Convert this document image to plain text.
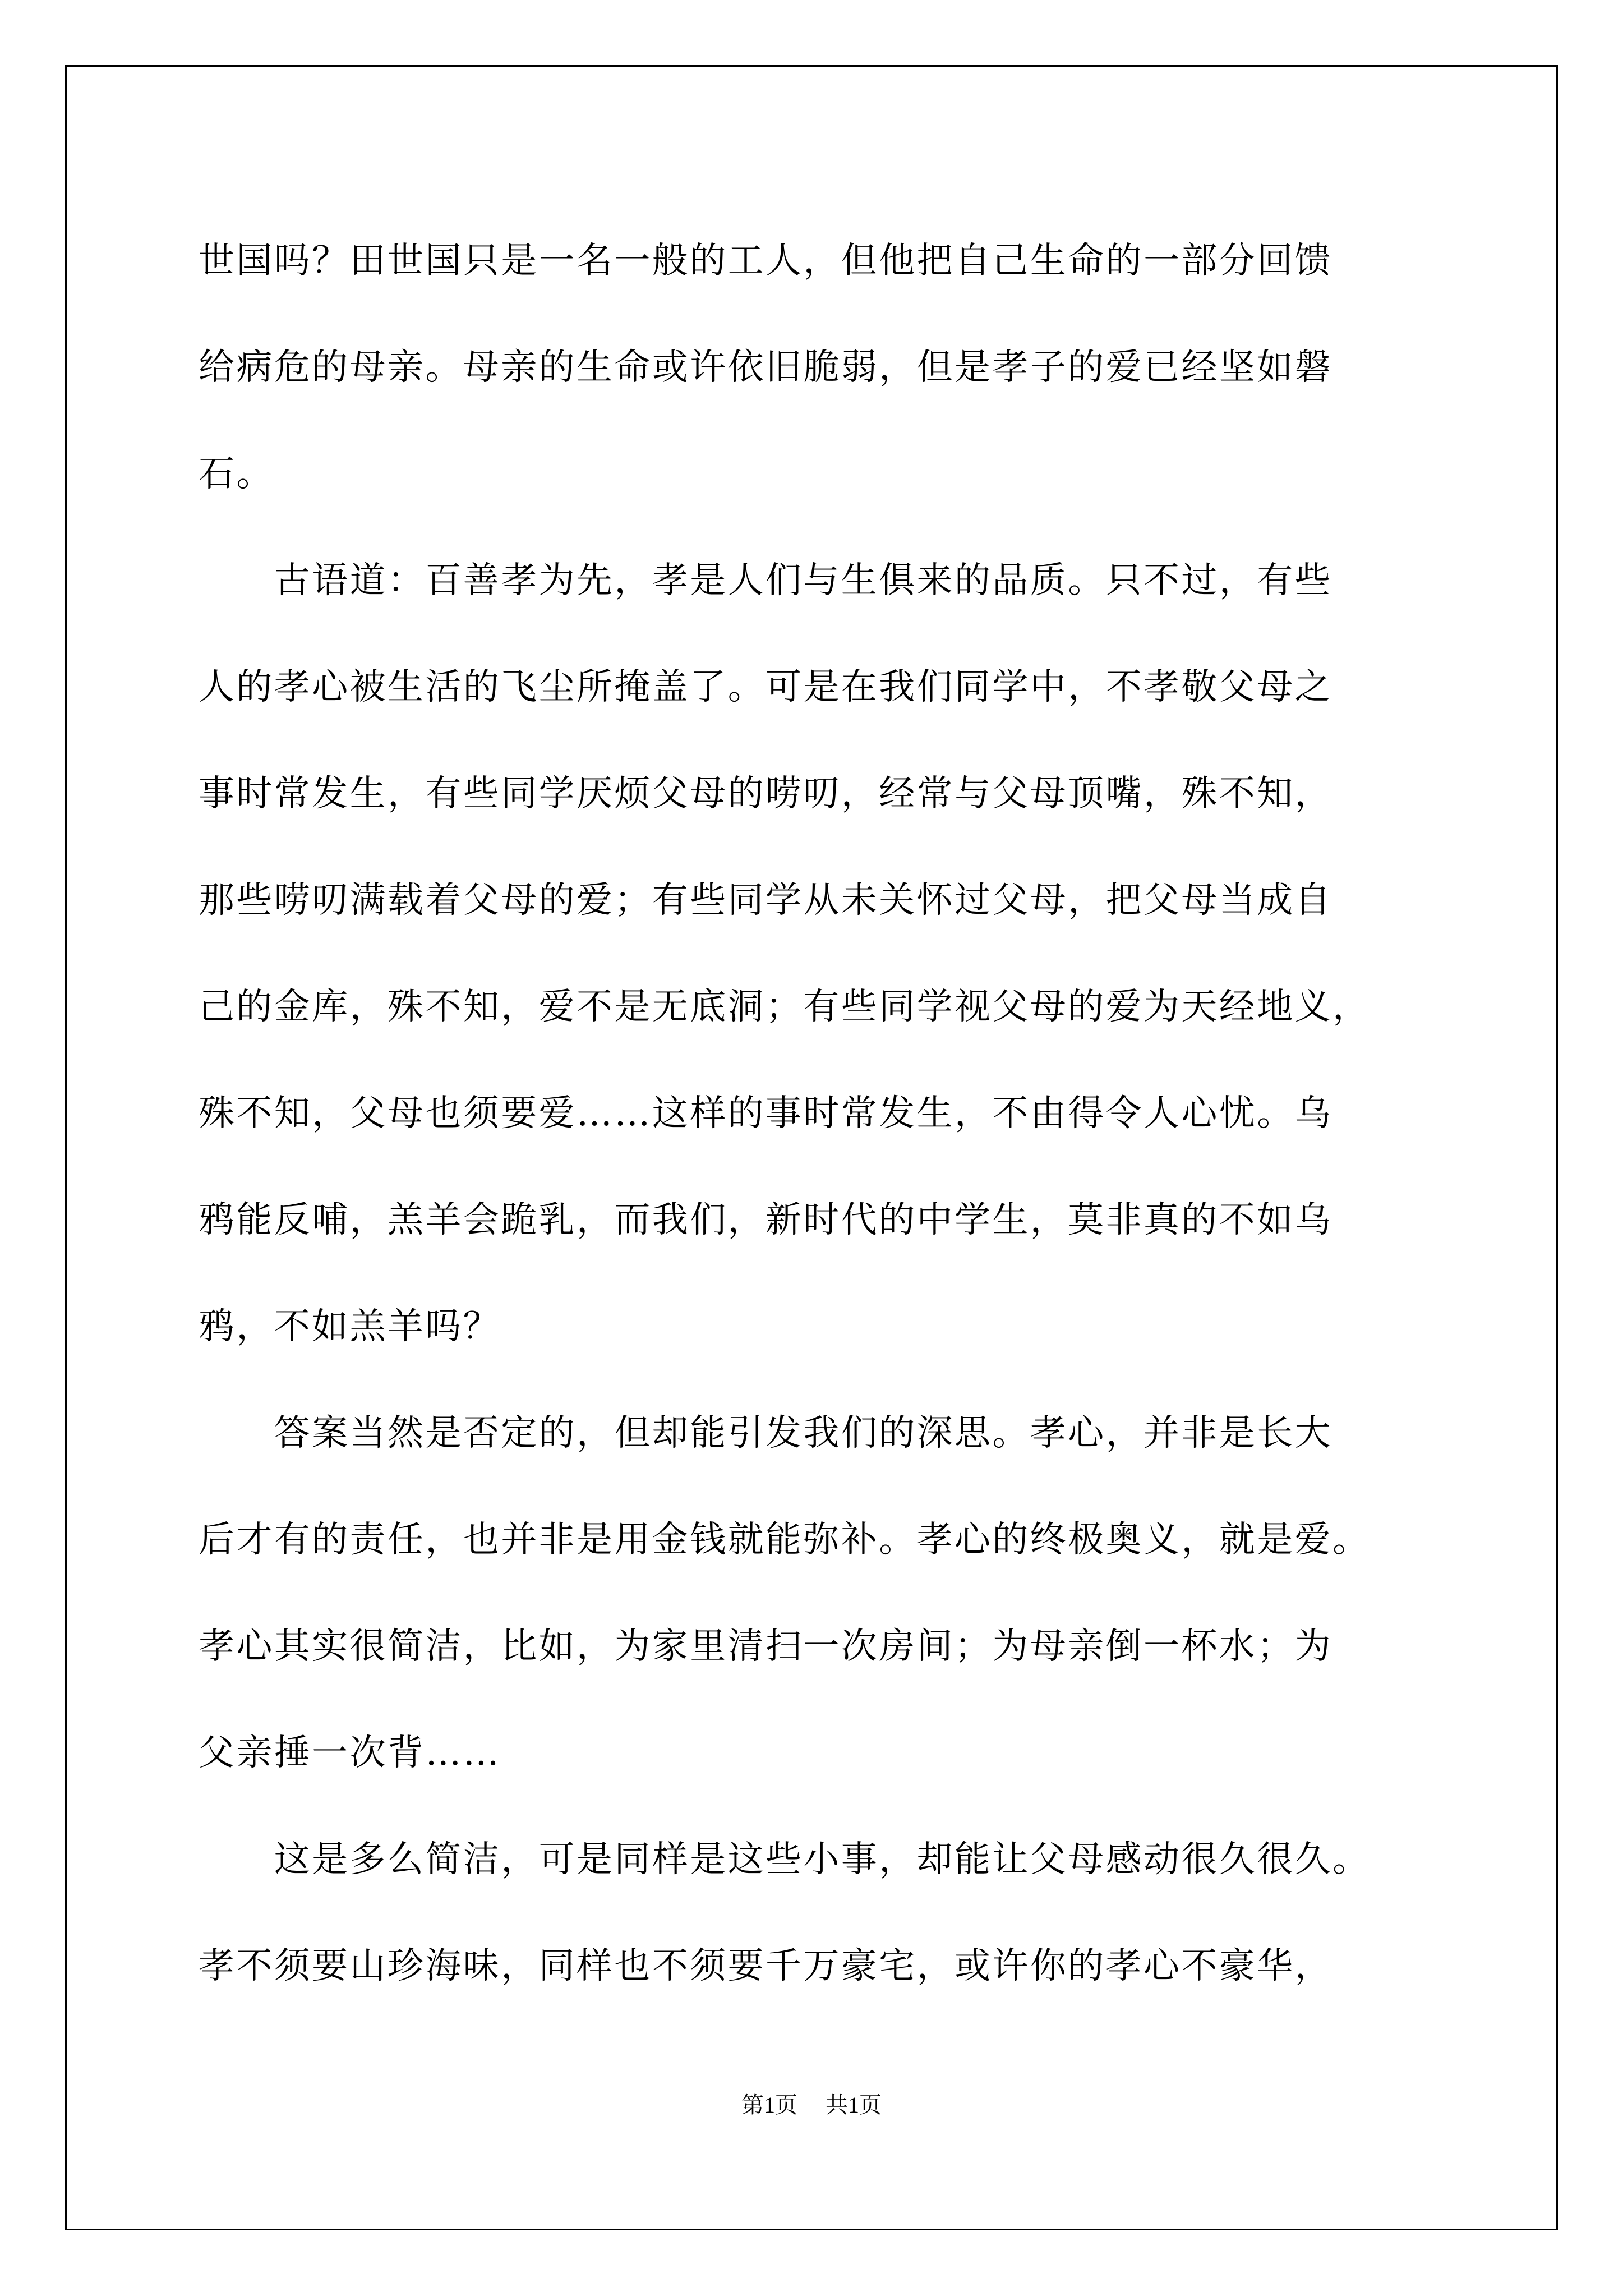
世国吗？田世国只是一名一般的工人，但他把自己生命的一部分回馈
给病危的母亲。母亲的生命或许依旧脆弱，但是孝子的爱已经坚如磐
石。
　　古语道：百善孝为先，孝是人们与生俱来的品质。只不过，有些
人的孝心被生活的飞尘所掩盖了。可是在我们同学中，不孝敬父母之
事时常发生，有些同学厌烦父母的唠叨，经常与父母顶嘴，殊不知，
那些唠叨满载着父母的爱；有些同学从未关怀过父母，把父母当成自
己的金库，殊不知，爱不是无底洞；有些同学视父母的爱为天经地义，
殊不知，父母也须要爱……这样的事时常发生，不由得令人心忧。乌
鸦能反哺，羔羊会跪乳，而我们，新时代的中学生，莫非真的不如乌
鸦，不如羔羊吗？
　　答案当然是否定的，但却能引发我们的深思。孝心，并非是长大
后才有的责任，也并非是用金钱就能弥补。孝心的终极奥义，就是爱。
孝心其实很简洁，比如，为家里清扫一次房间；为母亲倒一杯水；为
父亲捶一次背……
　　这是多么简洁，可是同样是这些小事，却能让父母感动很久很久。
孝不须要山珍海味，同样也不须要千万豪宅，或许你的孝心不豪华，
第1页 共1页
